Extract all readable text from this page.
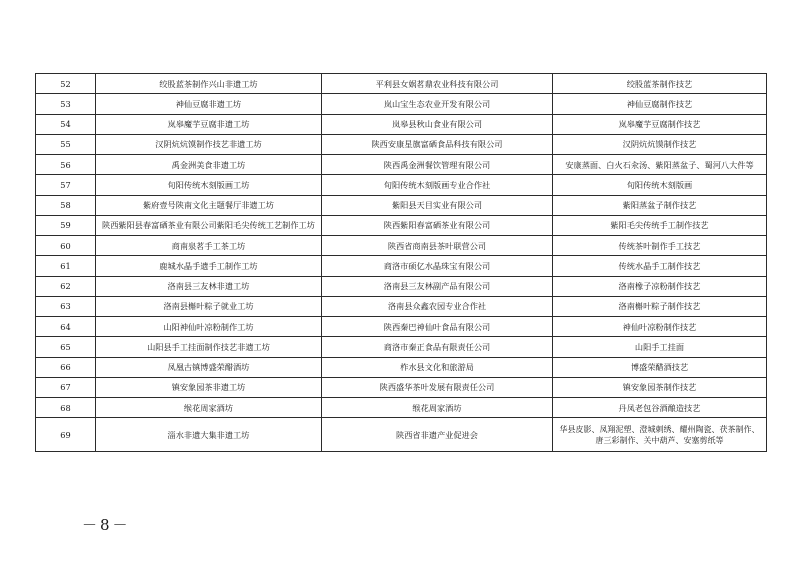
52	绞股蓝茶制作兴山非遗工坊	平利县女娲茗鼎农业科技有限公司	绞股蓝茶制作技艺
53	神仙豆腐非遗工坊	岚山宝生态农业开发有限公司	神仙豆腐制作技艺
54	岚皋魔芋豆腐非遗工坊	岚皋县秋山食业有限公司	岚皋魔芋豆腐制作技艺
55	汉阴炕炕馍制作技艺非遗工坊	陕西安康星旗富硒食品科技有限公司	汉阴炕炕馍制作技艺
56	禹金洲美食非遗工坊	陕西禹金洲餐饮管理有限公司	安康蒸面、白火石汆汤、紫阳蒸盆子、蜀河八大件等
57	旬阳传统木刻版画工坊	旬阳传统木刻版画专业合作社	旬阳传统木刻版画
58	紫府壹号陕南文化主题餐厅非遗工坊	紫阳县天目实业有限公司	紫阳蒸盆子制作技艺
59	陕西紫阳县春富硒茶业有限公司紫阳毛尖传统工艺制作工坊	陕西紫阳春富硒茶业有限公司	紫阳毛尖传统手工制作技艺
60	商南泉茗手工茶工坊	陕西省商南县茶叶联营公司	传统茶叶制作手工技艺
61	鹿城水晶手遗手工制作工坊	商洛市硕亿水晶珠宝有限公司	传统水晶手工制作技艺
62	洛南县三友林非遗工坊	洛南县三友林副产品有限公司	洛南橡子凉粉制作技艺
63	洛南县槲叶粽子就业工坊	洛南县众鑫农园专业合作社	洛南槲叶粽子制作技艺
64	山阳神仙叶凉粉制作工坊	陕西秦巴神仙叶食品有限公司	神仙叶凉粉制作技艺
65	山阳县手工挂面制作技艺非遗工坊	商洛市秦正食品有限责任公司	山阳手工挂面
66	凤凰古镇博盛荣醋酒坊	柞水县文化和旅游局	博盛荣醋酒技艺
67	镇安象园茶非遗工坊	陕西盛华茶叶发展有限责任公司	镇安象园茶制作技艺
68	缑花周家酒坊	缑花周家酒坊	丹凤老包谷酒酿造技艺
69	淄水非遗大集非遗工坊	陕西省非遗产业促进会	华县皮影、凤翔泥塑、澄城刺绣、耀州陶瓷、茯茶制作、唐三彩制作、关中葫芦、安塞剪纸等
－8－
